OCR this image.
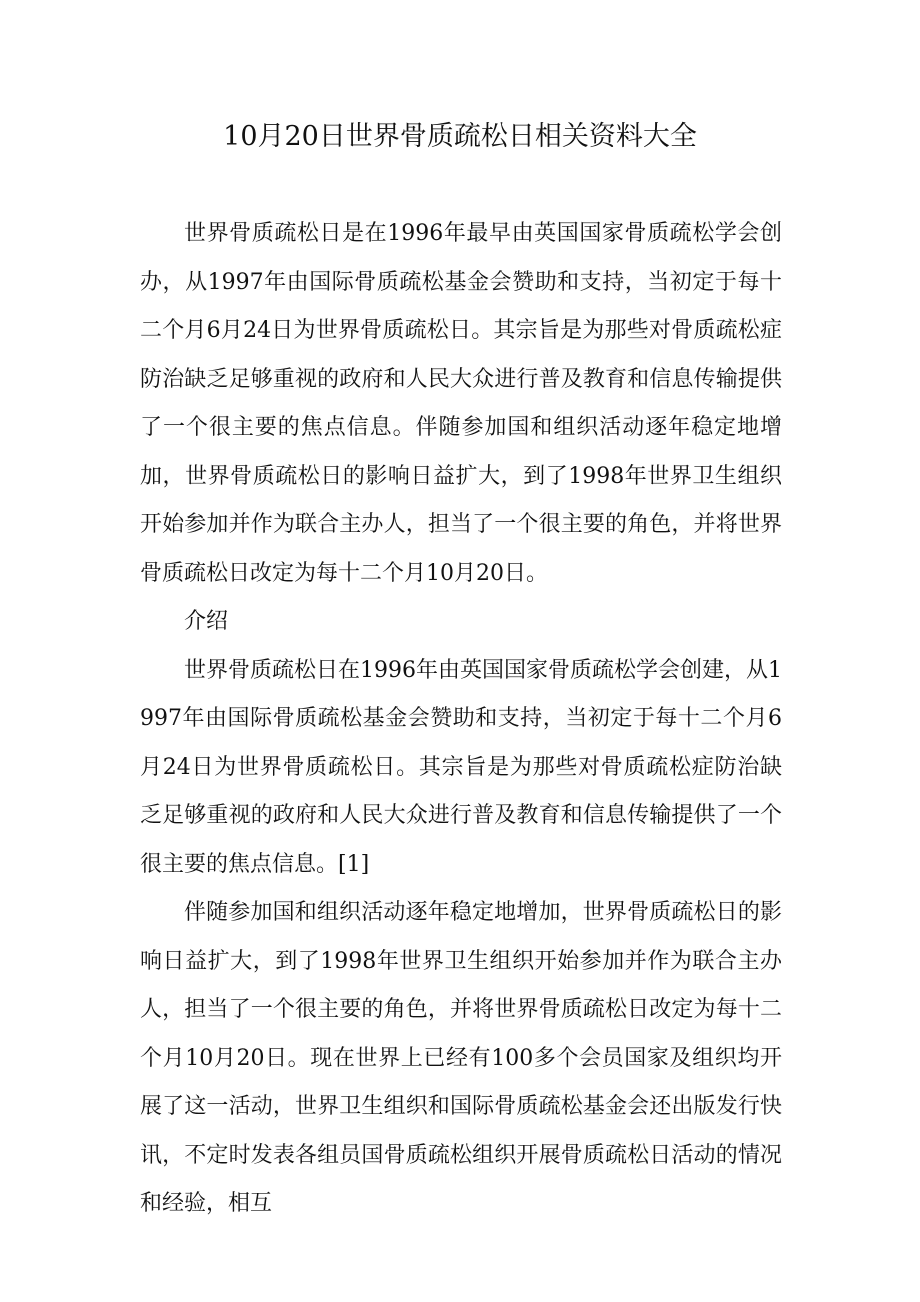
10月20日世界骨质疏松日相关资料大全

世界骨质疏松日是在1996年最早由英国国家骨质疏松学会创办，从1997年由国际骨质疏松基金会赞助和支持，当初定于每十二个月6月24日为世界骨质疏松日。其宗旨是为那些对骨质疏松症防治缺乏足够重视的政府和人民大众进行普及教育和信息传输提供了一个很主要的焦点信息。伴随参加国和组织活动逐年稳定地增加，世界骨质疏松日的影响日益扩大，到了1998年世界卫生组织开始参加并作为联合主办人，担当了一个很主要的角色，并将世界骨质疏松日改定为每十二个月10月20日。

介绍

世界骨质疏松日在1996年由英国国家骨质疏松学会创建，从1997年由国际骨质疏松基金会赞助和支持，当初定于每十二个月6月24日为世界骨质疏松日。其宗旨是为那些对骨质疏松症防治缺乏足够重视的政府和人民大众进行普及教育和信息传输提供了一个很主要的焦点信息。[1]

伴随参加国和组织活动逐年稳定地增加，世界骨质疏松日的影响日益扩大，到了1998年世界卫生组织开始参加并作为联合主办人，担当了一个很主要的角色，并将世界骨质疏松日改定为每十二个月10月20日。现在世界上已经有100多个会员国家及组织均开展了这一活动，世界卫生组织和国际骨质疏松基金会还出版发行快讯，不定时发表各组员国骨质疏松组织开展骨质疏松日活动的情况和经验，相互
